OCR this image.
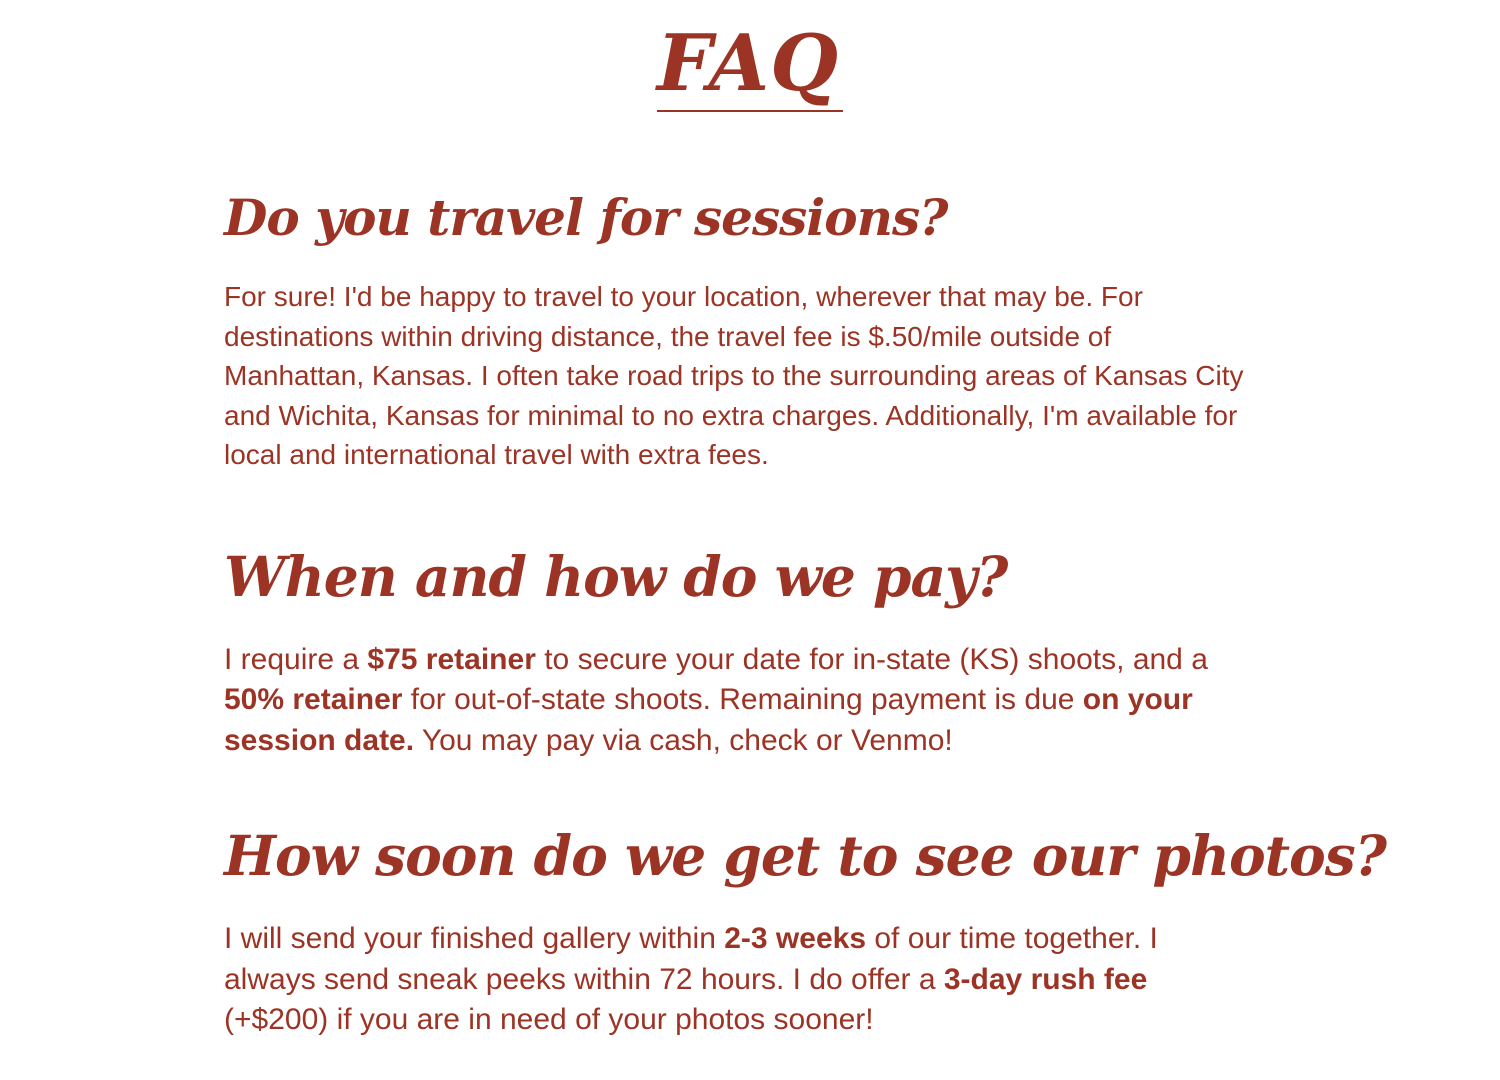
FAQ
Do you travel for sessions?

For sure! I'd be happy to travel to your location, wherever that may be. For destinations within driving distance, the travel fee is $.50/mile outside of Manhattan, Kansas. I often take road trips to the surrounding areas of Kansas City and Wichita, Kansas for minimal to no extra charges. Additionally, I'm available for local and international travel with extra fees.

When and how do we pay?

I require a $75 retainer to secure your date for in-state (KS) shoots, and a 50% retainer for out-of-state shoots. Remaining payment is due on your session date. You may pay via cash, check or Venmo!

How soon do we get to see our photos?

I will send your finished gallery within 2-3 weeks of our time together. I always send sneak peeks within 72 hours. I do offer a 3-day rush fee (+$200) if you are in need of your photos sooner!
